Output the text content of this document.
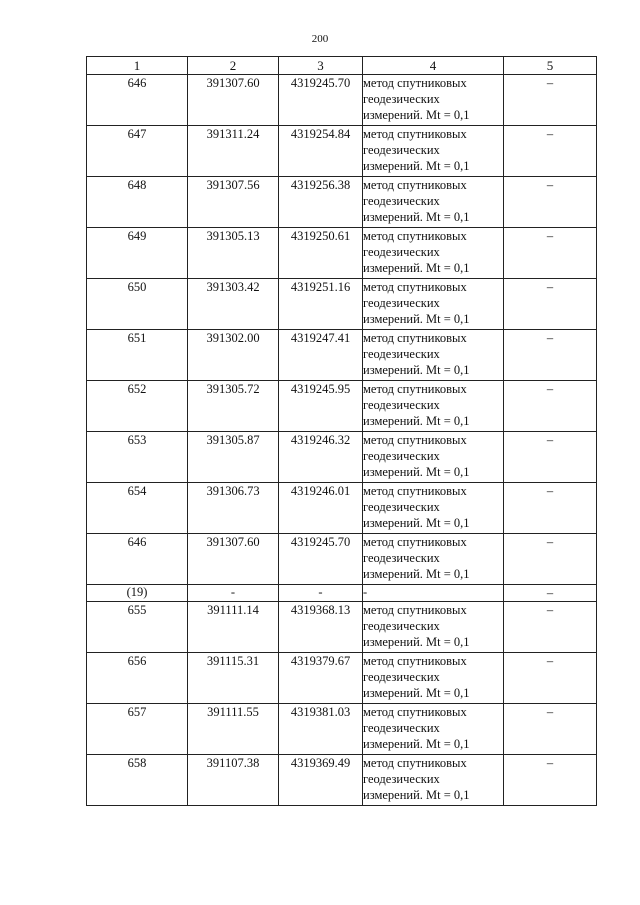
200
1	2	3	4	5
646	391307.60	4319245.70	метод спутниковых
геодезических
измерений. Mt = 0,1	–
647	391311.24	4319254.84	метод спутниковых
геодезических
измерений. Mt = 0,1	–
648	391307.56	4319256.38	метод спутниковых
геодезических
измерений. Mt = 0,1	–
649	391305.13	4319250.61	метод спутниковых
геодезических
измерений. Mt = 0,1	–
650	391303.42	4319251.16	метод спутниковых
геодезических
измерений. Mt = 0,1	–
651	391302.00	4319247.41	метод спутниковых
геодезических
измерений. Mt = 0,1	–
652	391305.72	4319245.95	метод спутниковых
геодезических
измерений. Mt = 0,1	–
653	391305.87	4319246.32	метод спутниковых
геодезических
измерений. Mt = 0,1	–
654	391306.73	4319246.01	метод спутниковых
геодезических
измерений. Mt = 0,1	–
646	391307.60	4319245.70	метод спутниковых
геодезических
измерений. Mt = 0,1	–
(19)	-	-	-	–
655	391111.14	4319368.13	метод спутниковых
геодезических
измерений. Mt = 0,1	–
656	391115.31	4319379.67	метод спутниковых
геодезических
измерений. Mt = 0,1	–
657	391111.55	4319381.03	метод спутниковых
геодезических
измерений. Mt = 0,1	–
658	391107.38	4319369.49	метод спутниковых
геодезических
измерений. Mt = 0,1	–
